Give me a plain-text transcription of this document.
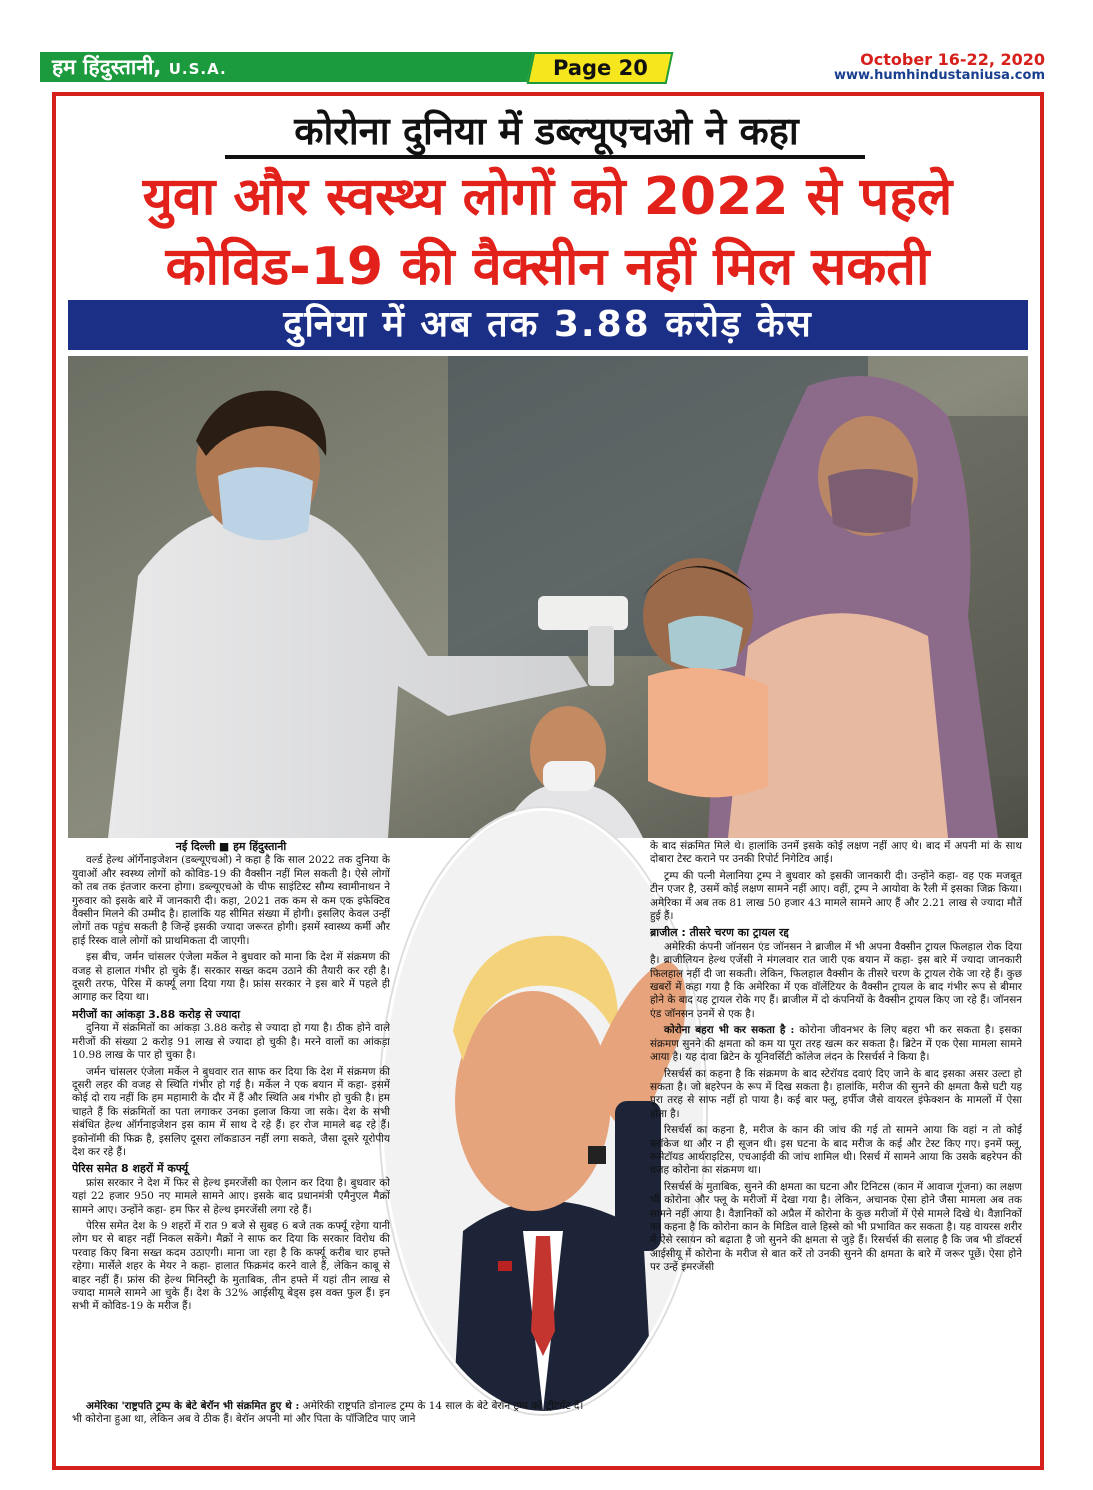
हम हिंदुस्तानी, U.S.A.	Page 20	October 16-22, 2020
www.humhindustaniusa.com
कोरोना दुनिया में डब्ल्यूएचओ ने कहा
युवा और स्वस्थ्य लोगों को 2022 से पहले
कोविड-19 की वैक्सीन नहीं मिल सकती
दुनिया में अब तक 3.88 करोड़ केस
नई दिल्ली ■ हम हिंदुस्तानी

वर्ल्ड हेल्थ ऑर्गेनाइजेशन (डब्ल्यूएचओ) ने कहा है कि साल 2022 तक दुनिया के युवाओं और स्वस्थ्य लोगों को कोविड-19 की वैक्सीन नहीं मिल सकती है। ऐसे लोगों को तब तक इंतजार करना होगा। डब्ल्यूएचओ के चीफ साइंटिस्ट सौम्य स्वामीनाथन ने गुरुवार को इसके बारे में जानकारी दी। कहा, 2021 तक कम से कम एक इफेक्टिव वैक्सीन मिलने की उम्मीद है। हालांकि यह सीमित संख्या में होगी। इसलिए केवल उन्हीं लोगों तक पहुंच सकती है जिन्हें इसकी ज्यादा जरूरत होगी। इसमें स्वास्थ्य कर्मी और हाई रिस्क वाले लोगों को प्राथमिकता दी जाएगी।

इस बीच, जर्मन चांसलर एंजेला मर्केल ने बुधवार को माना कि देश में संक्रमण की वजह से हालात गंभीर हो चुके हैं। सरकार सख्त कदम उठाने की तैयारी कर रही है। दूसरी तरफ, पेरिस में कर्फ्यू लगा दिया गया है। फ्रांस सरकार ने इस बारे में पहले ही आगाह कर दिया था।

मरीजों का आंकड़ा 3.88 करोड़ से ज्यादा

दुनिया में संक्रमितों का आंकड़ा 3.88 करोड़ से ज्यादा हो गया है। ठीक होने वाले मरीजों की संख्या 2 करोड़ 91 लाख से ज्यादा हो चुकी है। मरने वालों का आंकड़ा 10.98 लाख के पार हो चुका है।

जर्मन चांसलर एंजेला मर्केल ने बुधवार रात साफ कर दिया कि देश में संक्रमण की दूसरी लहर की वजह से स्थिति गंभीर हो गई है। मर्केल ने एक बयान में कहा- इसमें कोई दो राय नहीं कि हम महामारी के दौर में हैं और स्थिति अब गंभीर हो चुकी है। हम चाहते हैं कि संक्रमितों का पता लगाकर उनका इलाज किया जा सके। देश के सभी संबंधित हेल्थ ऑर्गनाइजेशन इस काम में साथ दे रहे हैं। हर रोज मामले बढ़ रहे हैं। इकोनॉमी की फिक्र है, इसलिए दूसरा लॉकडाउन नहीं लगा सकते, जैसा दूसरे यूरोपीय देश कर रहे हैं।

पेरिस समेत 8 शहरों में कर्फ्यू

फ्रांस सरकार ने देश में फिर से हेल्थ इमरजेंसी का ऐलान कर दिया है। बुधवार को यहां 22 हजार 950 नए मामले सामने आए। इसके बाद प्रधानमंत्री एमैनुएल मैक्रों सामने आए। उन्होंने कहा- हम फिर से हेल्थ इमरजेंसी लगा रहे हैं।

पेरिस समेत देश के 9 शहरों में रात 9 बजे से सुबह 6 बजे तक कर्फ्यू रहेगा यानी लोग घर से बाहर नहीं निकल सकेंगे। मैक्रों ने साफ कर दिया कि सरकार विरोध की परवाह किए बिना सख्त कदम उठाएगी। माना जा रहा है कि कर्फ्यू करीब चार हफ्ते रहेगा। मार्सेले शहर के मेयर ने कहा- हालात फिक्रमंद करने वाले हैं, लेकिन काबू से बाहर नहीं हैं। फ्रांस की हेल्थ मिनिस्ट्री के मुताबिक, तीन हफ्ते में यहां तीन लाख से ज्यादा मामले सामने आ चुके हैं। देश के 32% आईसीयू बेड्स इस वक्त फुल हैं। इन सभी में कोविड-19 के मरीज हैं।

अमेरिका 'राष्ट्रपति ट्रम्प के बेटे बेरॉन भी संक्रमित हुए थे : अमेरिकी राष्ट्रपति डोनाल्ड ट्रम्प के 14 साल के बेटे बेरॉन ट्रम्प को भी कोरोना हुआ था, लेकिन अब वे ठीक हैं। बेरॉन अपनी मां और पिता के पॉजिटिव पाए जाने

के बाद संक्रमित मिले थे। हालांकि उनमें इसके कोई लक्षण नहीं आए थे। बाद में अपनी मां के साथ दोबारा टेस्ट कराने पर उनकी रिपोर्ट निगेटिव आई।

ट्रम्प की पत्नी मेलानिया ट्रम्प ने बुधवार को इसकी जानकारी दी। उन्होंने कहा- वह एक मजबूत टीन एजर है, उसमें कोई लक्षण सामने नहीं आए। वहीं, ट्रम्प ने आयोवा के रैली में इसका जिक्र किया। अमेरिका में अब तक 81 लाख 50 हजार 43 मामले सामने आए हैं और 2.21 लाख से ज्यादा मौतें हुई हैं।

ब्राजील : तीसरे चरण का ट्रायल रद्द

अमेरिकी कंपनी जॉनसन एंड जॉनसन ने ब्राजील में भी अपना वैक्सीन ट्रायल फिलहाल रोक दिया है। ब्राजीलियन हेल्थ एजेंसी ने मंगलवार रात जारी एक बयान में कहा- इस बारे में ज्यादा जानकारी फिलहाल नहीं दी जा सकती। लेकिन, फिलहाल वैक्सीन के तीसरे चरण के ट्रायल रोके जा रहे हैं। कुछ खबरों में कहा गया है कि अमेरिका में एक वॉलेंटियर के वैक्सीन ट्रायल के बाद गंभीर रूप से बीमार होने के बाद यह ट्रायल रोके गए हैं। ब्राजील में दो कंपनियों के वैक्सीन ट्रायल किए जा रहे हैं। जॉनसन एंड जॉनसन उनमें से एक है।

कोरोना बहरा भी कर सकता है : कोरोना जीवनभर के लिए बहरा भी कर सकता है। इसका संक्रमण सुनने की क्षमता को कम या पूरा तरह खत्म कर सकता है। ब्रिटेन में एक ऐसा मामला सामने आया है। यह दावा ब्रिटेन के यूनिवर्सिटी कॉलेज लंदन के रिसर्चर्स ने किया है।

रिसर्चर्स का कहना है कि संक्रमण के बाद स्टेरॉयड दवाएं दिए जाने के बाद इसका असर उल्टा हो सकता है। जो बहरेपन के रूप में दिख सकता है। हालांकि, मरीज की सुनने की क्षमता कैसे घटी यह पूरा तरह से साफ नहीं हो पाया है। कई बार फ्लू, हर्पीज जैसे वायरल इंफेक्शन के मामलों में ऐसा होता है।

रिसर्चर्स का कहना है, मरीज के कान की जांच की गई तो सामने आया कि वहां न तो कोई ब्लॉकेज था और न ही सूजन थी। इस घटना के बाद मरीज के कई और टेस्ट किए गए। इनमें फ्लू, रूमेटॉयड आर्थराइटिस, एचआईवी की जांच शामिल थी। रिसर्च में सामने आया कि उसके बहरेपन की वजह कोरोना का संक्रमण था।

रिसर्चर्स के मुताबिक, सुनने की क्षमता का घटना और टिनिटस (कान में आवाज गूंजना) का लक्षण भी कोरोना और फ्लू के मरीजों में देखा गया है। लेकिन, अचानक ऐसा होने जैसा मामला अब तक सामने नहीं आया है। वैज्ञानिकों को अप्रैल में कोरोना के कुछ मरीजों में ऐसे मामले दिखे थे। वैज्ञानिकों का कहना है कि कोरोना कान के मिडिल वाले हिस्से को भी प्रभावित कर सकता है। यह वायरस शरीर में ऐसे रसायन को बढ़ाता है जो सुनने की क्षमता से जुड़े हैं। रिसर्चर्स की सलाह है कि जब भी डॉक्टर्स आईसीयू में कोरोना के मरीज से बात करें तो उनकी सुनने की क्षमता के बारे में जरूर पूछें। ऐसा होने पर उन्हें इमरजेंसी

ट्रीटमेंट दें।
